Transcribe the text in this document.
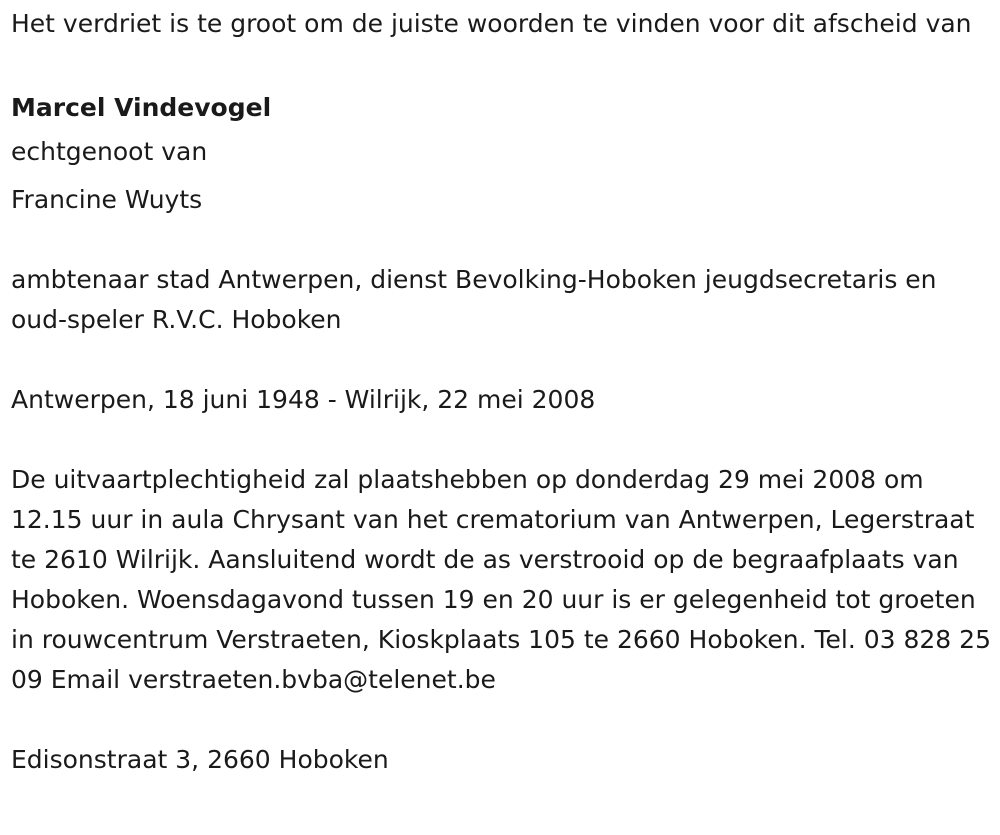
Het verdriet is te groot om de juiste woorden te vinden voor dit afscheid van

Marcel Vindevogel

echtgenoot van

Francine Wuyts

ambtenaar stad Antwerpen, dienst Bevolking-Hoboken jeugdsecretaris en oud-speler R.V.C. Hoboken

Antwerpen, 18 juni 1948 - Wilrijk, 22 mei 2008

De uitvaartplechtigheid zal plaatshebben op donderdag 29 mei 2008 om 12.15 uur in aula Chrysant van het crematorium van Antwerpen, Legerstraat te 2610 Wilrijk. Aansluitend wordt de as verstrooid op de begraafplaats van Hoboken. Woensdagavond tussen 19 en 20 uur is er gelegenheid tot groeten in rouwcentrum Verstraeten, Kioskplaats 105 te 2660 Hoboken. Tel. 03 828 25 09 Email verstraeten.bvba@telenet.be

Edisonstraat 3, 2660 Hoboken
